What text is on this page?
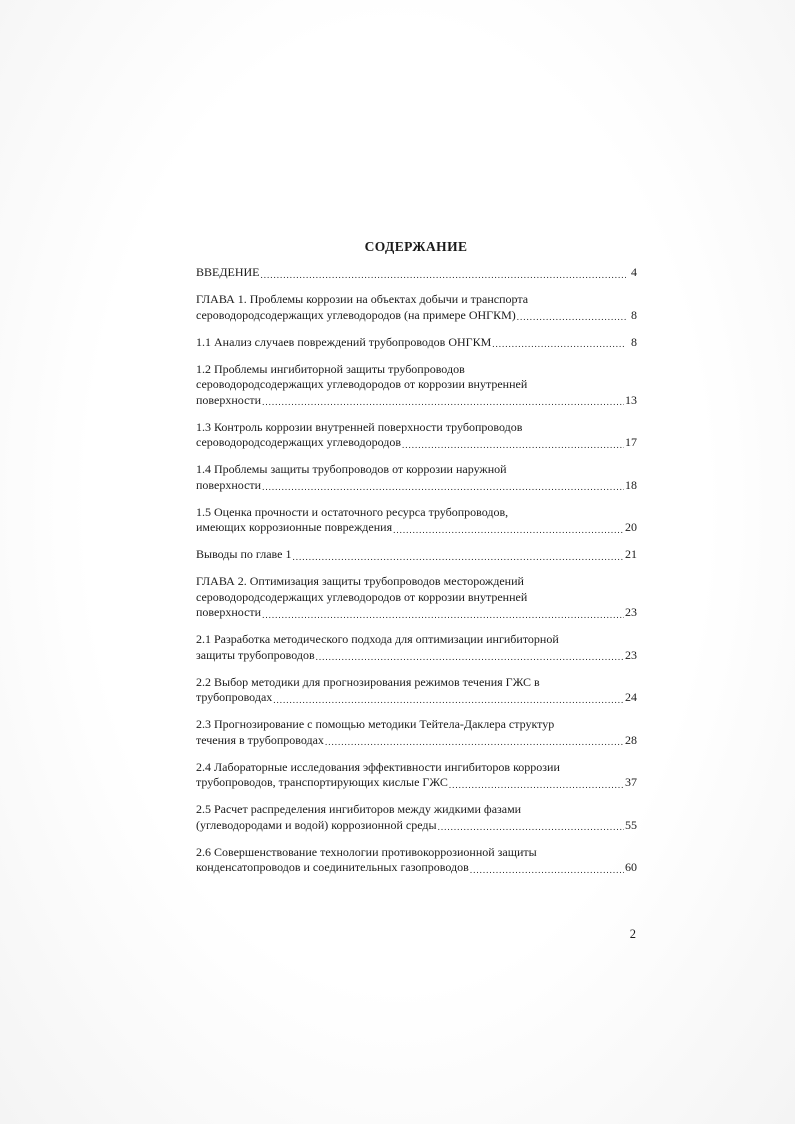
СОДЕРЖАНИЕ
ВВЕДЕНИЕ .....	4
ГЛАВА 1. Проблемы коррозии на объектах добычи и транспорта
сероводородсодержащих углеводородов (на примере ОНГКМ) .....	8
1.1 Анализ случаев повреждений трубопроводов ОНГКМ .....	8
1.2 Проблемы ингибиторной защиты трубопроводов
сероводородсодержащих углеводородов от коррозии внутренней
поверхности .....	13
1.3 Контроль коррозии внутренней поверхности трубопроводов
сероводородсодержащих углеводородов .....	17
1.4 Проблемы защиты трубопроводов от коррозии наружной
поверхности .....	18
1.5 Оценка прочности и остаточного ресурса трубопроводов,
имеющих коррозионные повреждения .....	20
Выводы по главе 1 .....	21
ГЛАВА 2. Оптимизация защиты трубопроводов месторождений
сероводородсодержащих углеводородов от коррозии внутренней
поверхности .....	23
2.1 Разработка методического подхода для оптимизации ингибиторной
защиты трубопроводов .....	23
2.2 Выбор методики для прогнозирования режимов течения ГЖС в
трубопроводах .....	24
2.3 Прогнозирование с помощью методики Тейтела-Даклера структур
течения в трубопроводах .....	28
2.4 Лабораторные исследования эффективности ингибиторов коррозии
трубопроводов, транспортирующих кислые ГЖС .....	37
2.5 Расчет распределения ингибиторов между жидкими фазами
(углеводородами и водой) коррозионной среды .....	55
2.6 Совершенствование технологии противокоррозионной защиты
конденсатопроводов и соединительных газопроводов .....	60
2
